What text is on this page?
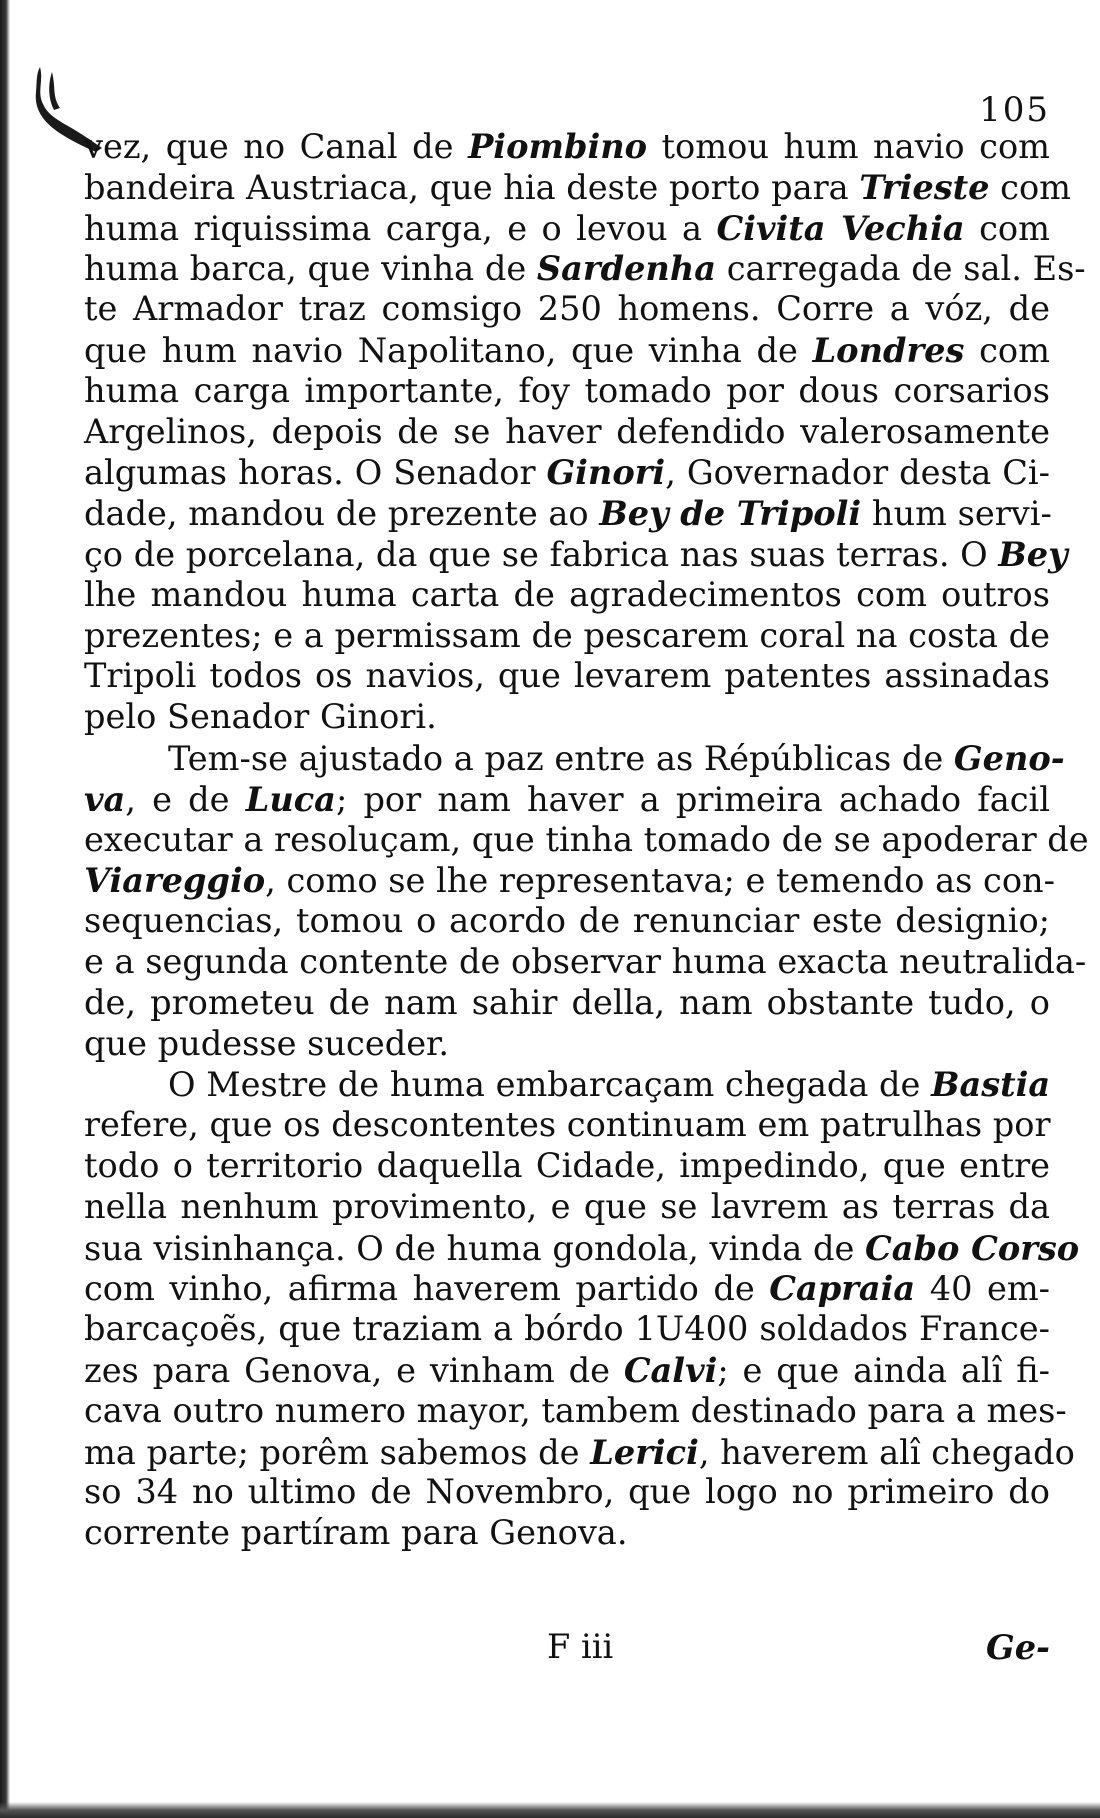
105
vez, que no Canal de Piombino tomou hum navio com
bandeira Austriaca, que hia deste porto para Trieste com
huma riquissima carga, e o levou a Civita Vechia com
huma barca, que vinha de Sardenha carregada de sal. Es-
te Armador traz comsigo 250 homens. Corre a vóz, de
que hum navio Napolitano, que vinha de Londres com
huma carga importante, foy tomado por dous corsarios
Argelinos, depois de se haver defendido valerosamente
algumas horas. O Senador Ginori, Governador desta Ci-
dade, mandou de prezente ao Bey de Tripoli hum servi-
ço de porcelana, da que se fabrica nas suas terras. O Bey
lhe mandou huma carta de agradecimentos com outros
prezentes; e a permissam de pescarem coral na costa de
Tripoli todos os navios, que levarem patentes assinadas
pelo Senador Ginori.
Tem-se ajustado a paz entre as Répúblicas de Geno-
va, e de Luca; por nam haver a primeira achado facil
executar a resoluçam, que tinha tomado de se apoderar de
Viareggio, como se lhe representava; e temendo as con-
sequencias, tomou o acordo de renunciar este designio;
e a segunda contente de observar huma exacta neutralida-
de, prometeu de nam sahir della, nam obstante tudo, o
que pudesse suceder.
O Mestre de huma embarcaçam chegada de Bastia
refere, que os descontentes continuam em patrulhas por
todo o territorio daquella Cidade, impedindo, que entre
nella nenhum provimento, e que se lavrem as terras da
sua visinhança. O de huma gondola, vinda de Cabo Corso
com vinho, afirma haverem partido de Capraia 40 em-
barcaçoẽs, que traziam a bórdo 1U400 soldados France-
zes para Genova, e vinham de Calvi; e que ainda alî fi-
cava outro numero mayor, tambem destinado para a mes-
ma parte; porêm sabemos de Lerici, haverem alî chegado
so 34 no ultimo de Novembro, que logo no primeiro do
corrente partíram para Genova.
F iii	Ge-
